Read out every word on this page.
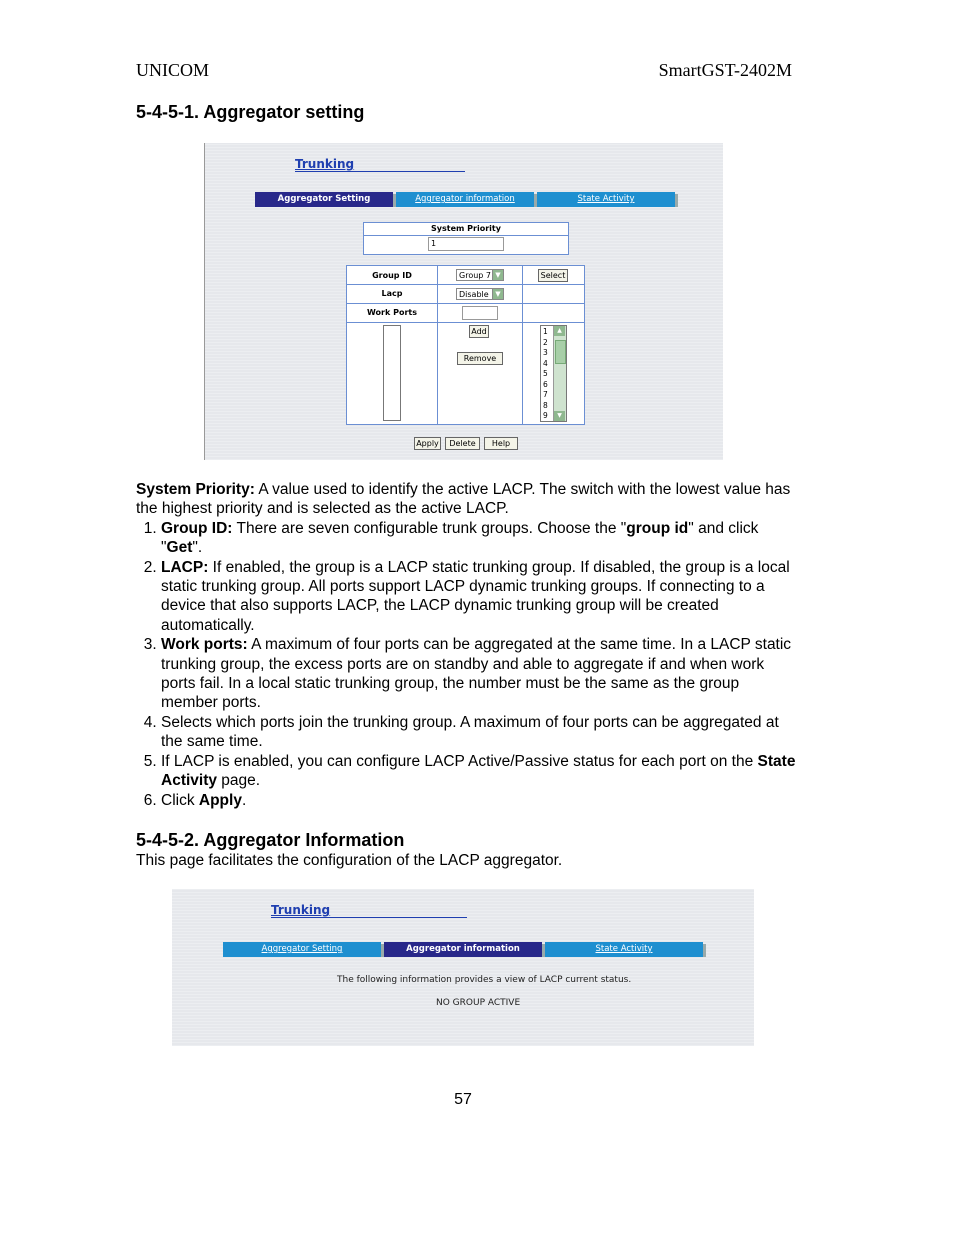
UNICOM	SmartGST-2402M
5-4-5-1. Aggregator setting
Trunking
Aggregator Setting	Aggregator information	State Activity
System Priority
1
Group ID	Group 7 ▼	Select
Lacp	Disable ▼
Work Ports
Add
Remove
1
2
3
4
5
6
7
8
9
▲
▼
Apply	Delete	Help

System Priority: A value used to identify the active LACP. The switch with the lowest value has the highest priority and is selected as the active LACP.

1. Group ID: There are seven configurable trunk groups. Choose the "group id" and click "Get".
2. LACP: If enabled, the group is a LACP static trunking group. If disabled, the group is a local static trunking group. All ports support LACP dynamic trunking groups. If connecting to a device that also supports LACP, the LACP dynamic trunking group will be created automatically.
3. Work ports: A maximum of four ports can be aggregated at the same time. In a LACP static trunking group, the excess ports are on standby and able to aggregate if and when work ports fail. In a local static trunking group, the number must be the same as the group member ports.
4. Selects which ports join the trunking group. A maximum of four ports can be aggregated at the same time.
5. If LACP is enabled, you can configure LACP Active/Passive status for each port on the State Activity page.
6. Click Apply.
5-4-5-2. Aggregator Information
This page facilitates the configuration of the LACP aggregator.
Trunking
Aggregator Setting	Aggregator information	State Activity
The following information provides a view of LACP current status.
NO GROUP ACTIVE
57
